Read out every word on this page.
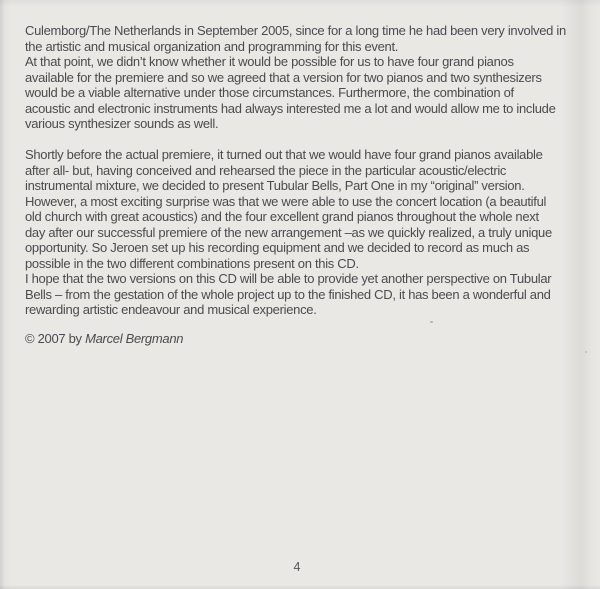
Culemborg/The Netherlands in September 2005, since for a long time he had been very involved in
the artistic and musical organization and programming for this event.
At that point, we didn’t know whether it would be possible for us to have four grand pianos
available for the premiere and so we agreed that a version for two pianos and two synthesizers
would be a viable alternative under those circumstances. Furthermore, the combination of
acoustic and electronic instruments had always interested me a lot and would allow me to include
various synthesizer sounds as well.
Shortly before the actual premiere, it turned out that we would have four grand pianos available
after all- but, having conceived and rehearsed the piece in the particular acoustic/electric
instrumental mixture, we decided to present Tubular Bells, Part One in my “original” version.
However, a most exciting surprise was that we were able to use the concert location (a beautiful
old church with great acoustics) and the four excellent grand pianos throughout the whole next
day after our successful premiere of the new arrangement –as we quickly realized, a truly unique
opportunity. So Jeroen set up his recording equipment and we decided to record as much as
possible in the two different combinations present on this CD.
I hope that the two versions on this CD will be able to provide yet another perspective on Tubular
Bells – from the gestation of the whole project up to the finished CD, it has been a wonderful and
rewarding artistic endeavour and musical experience.
© 2007 by Marcel Bergmann
4
